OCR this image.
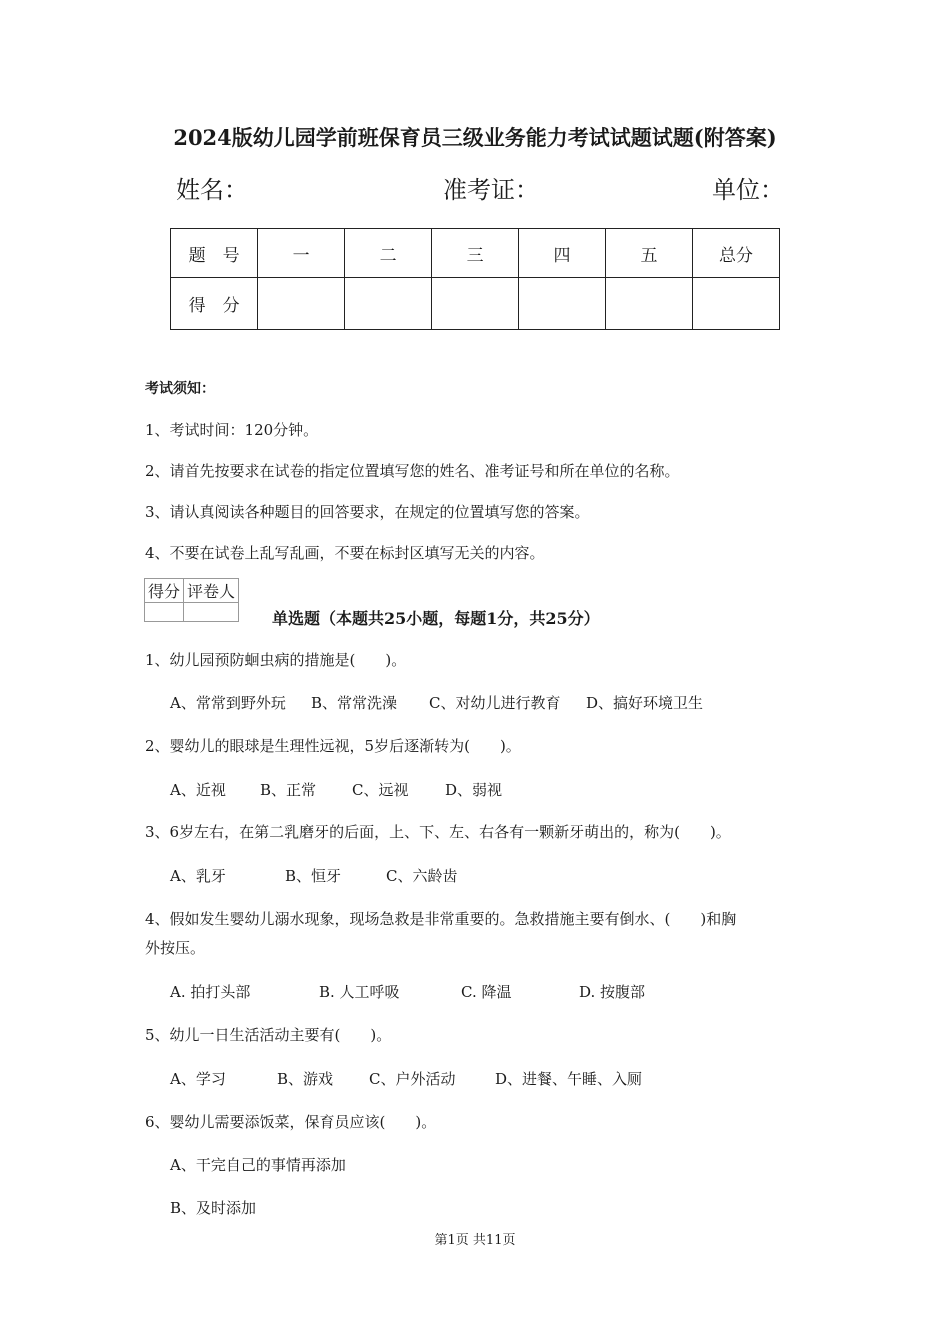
2024版幼儿园学前班保育员三级业务能力考试试题试题(附答案)
姓名：	准考证：	单位：
题　号	一	二	三	四	五	总分
得　分						
考试须知：
1、考试时间：120分钟。
2、请首先按要求在试卷的指定位置填写您的姓名、准考证号和所在单位的名称。
3、请认真阅读各种题目的回答要求，在规定的位置填写您的答案。
4、不要在试卷上乱写乱画，不要在标封区填写无关的内容。
得分	评卷人

单选题（本题共25小题，每题1分，共25分）
1、幼儿园预防蛔虫病的措施是(　　)。
A、常常到野外玩 B、常常洗澡 C、对幼儿进行教育 D、搞好环境卫生
2、婴幼儿的眼球是生理性远视，5岁后逐渐转为(　　)。
A、近视 B、正常 C、远视 D、弱视
3、6岁左右，在第二乳磨牙的后面，上、下、左、右各有一颗新牙萌出的，称为(　　)。
A、乳牙	B、恒牙	C、六龄齿
4、假如发生婴幼儿溺水现象，现场急救是非常重要的。急救措施主要有倒水、(　　)和胸
外按压。
A. 拍打头部	B. 人工呼吸	C. 降温	D. 按腹部
5、幼儿一日生活活动主要有(　　)。
A、学习	B、游戏 C、户外活动	D、进餐、午睡、入厕
6、婴幼儿需要添饭菜，保育员应该(　　)。
A、干完自己的事情再添加
B、及时添加
第1页 共11页
